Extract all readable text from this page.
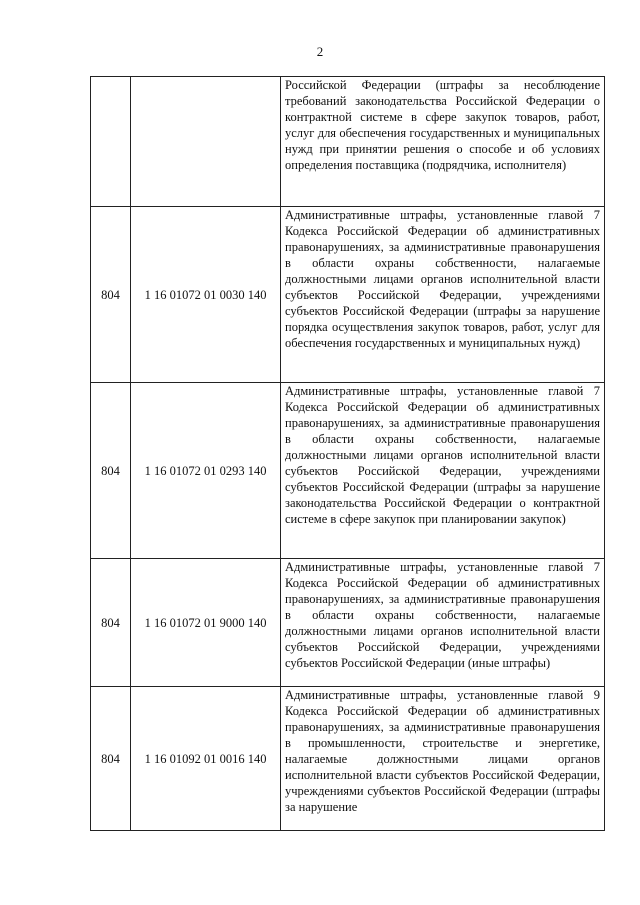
2
		Российской Федерации (штрафы за несоблюдение требований законодательства Российской Федерации о контрактной системе в сфере закупок товаров, работ, услуг для обеспечения государственных и муниципальных нужд при принятии решения о способе и об условиях определения поставщика (подрядчика, исполнителя)
804	1 16 01072 01 0030 140	Административные штрафы, установленные главой 7 Кодекса Российской Федерации об административных правонарушениях, за административные правонарушения в области охраны собственности, налагаемые должностными лицами органов исполнительной власти субъектов Российской Федерации, учреждениями субъектов Российской Федерации (штрафы за нарушение порядка осуществления закупок товаров, работ, услуг для обеспечения государственных и муниципальных нужд)
804	1 16 01072 01 0293 140	Административные штрафы, установленные главой 7 Кодекса Российской Федерации об административных правонарушениях, за административные правонарушения в области охраны собственности, налагаемые должностными лицами органов исполнительной власти субъектов Российской Федерации, учреждениями субъектов Российской Федерации (штрафы за нарушение законодательства Российской Федерации о контрактной системе в сфере закупок при планировании закупок)
804	1 16 01072 01 9000 140	Административные штрафы, установленные главой 7 Кодекса Российской Федерации об административных правонарушениях, за административные правонарушения в области охраны собственности, налагаемые должностными лицами органов исполнительной власти субъектов Российской Федерации, учреждениями субъектов Российской Федерации (иные штрафы)
804	1 16 01092 01 0016 140	Административные штрафы, установленные главой 9 Кодекса Российской Федерации об административных правонарушениях, за административные правонарушения в промышленности, строительстве и энергетике, налагаемые должностными лицами органов исполнительной власти субъектов Российской Федерации, учреждениями субъектов Российской Федерации (штрафы за нарушение
